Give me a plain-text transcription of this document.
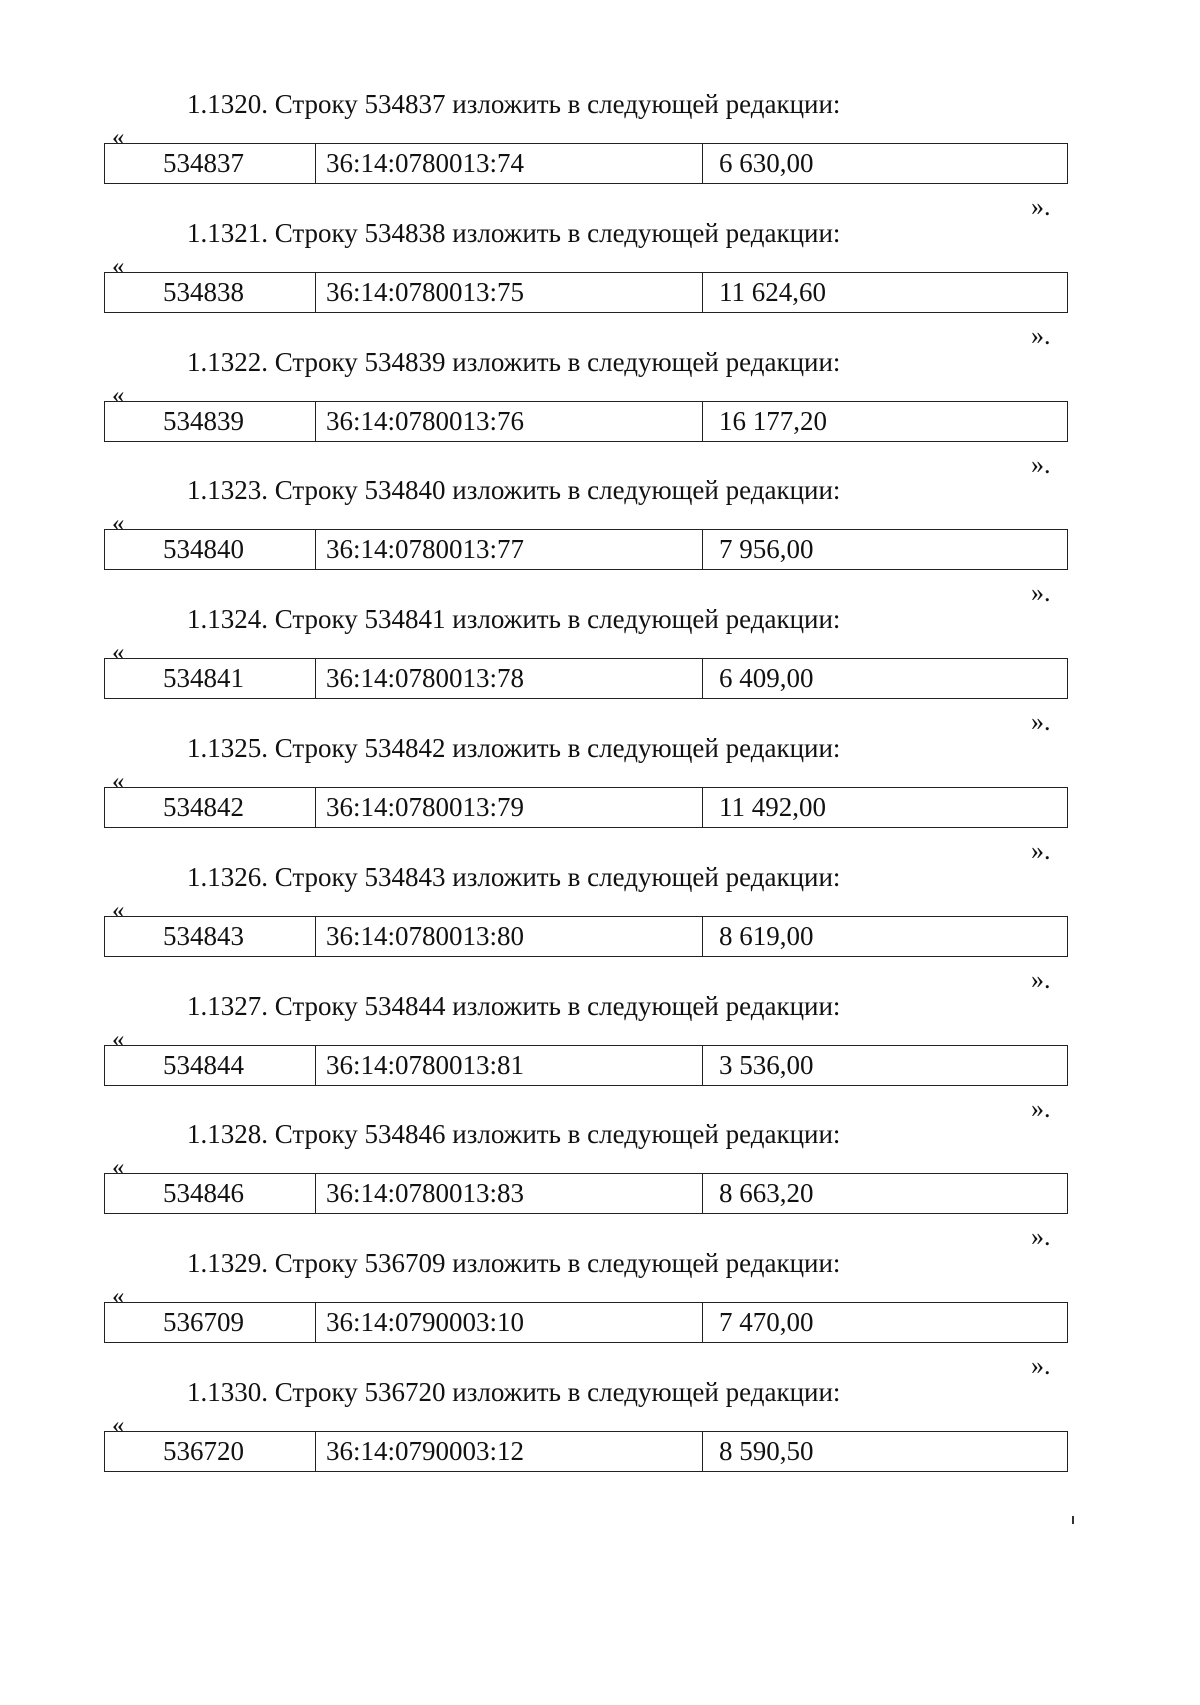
1.1320. Строку 534837 изложить в следующей редакции:
«
534837	36:14:0780013:74	6 630,00
».
1.1321. Строку 534838 изложить в следующей редакции:
«
534838	36:14:0780013:75	11 624,60
».
1.1322. Строку 534839 изложить в следующей редакции:
«
534839	36:14:0780013:76	16 177,20
».
1.1323. Строку 534840 изложить в следующей редакции:
«
534840	36:14:0780013:77	7 956,00
».
1.1324. Строку 534841 изложить в следующей редакции:
«
534841	36:14:0780013:78	6 409,00
».
1.1325. Строку 534842 изложить в следующей редакции:
«
534842	36:14:0780013:79	11 492,00
».
1.1326. Строку 534843 изложить в следующей редакции:
«
534843	36:14:0780013:80	8 619,00
».
1.1327. Строку 534844 изложить в следующей редакции:
«
534844	36:14:0780013:81	3 536,00
».
1.1328. Строку 534846 изложить в следующей редакции:
«
534846	36:14:0780013:83	8 663,20
».
1.1329. Строку 536709 изложить в следующей редакции:
«
536709	36:14:0790003:10	7 470,00
».
1.1330. Строку 536720 изложить в следующей редакции:
«
536720	36:14:0790003:12	8 590,50
